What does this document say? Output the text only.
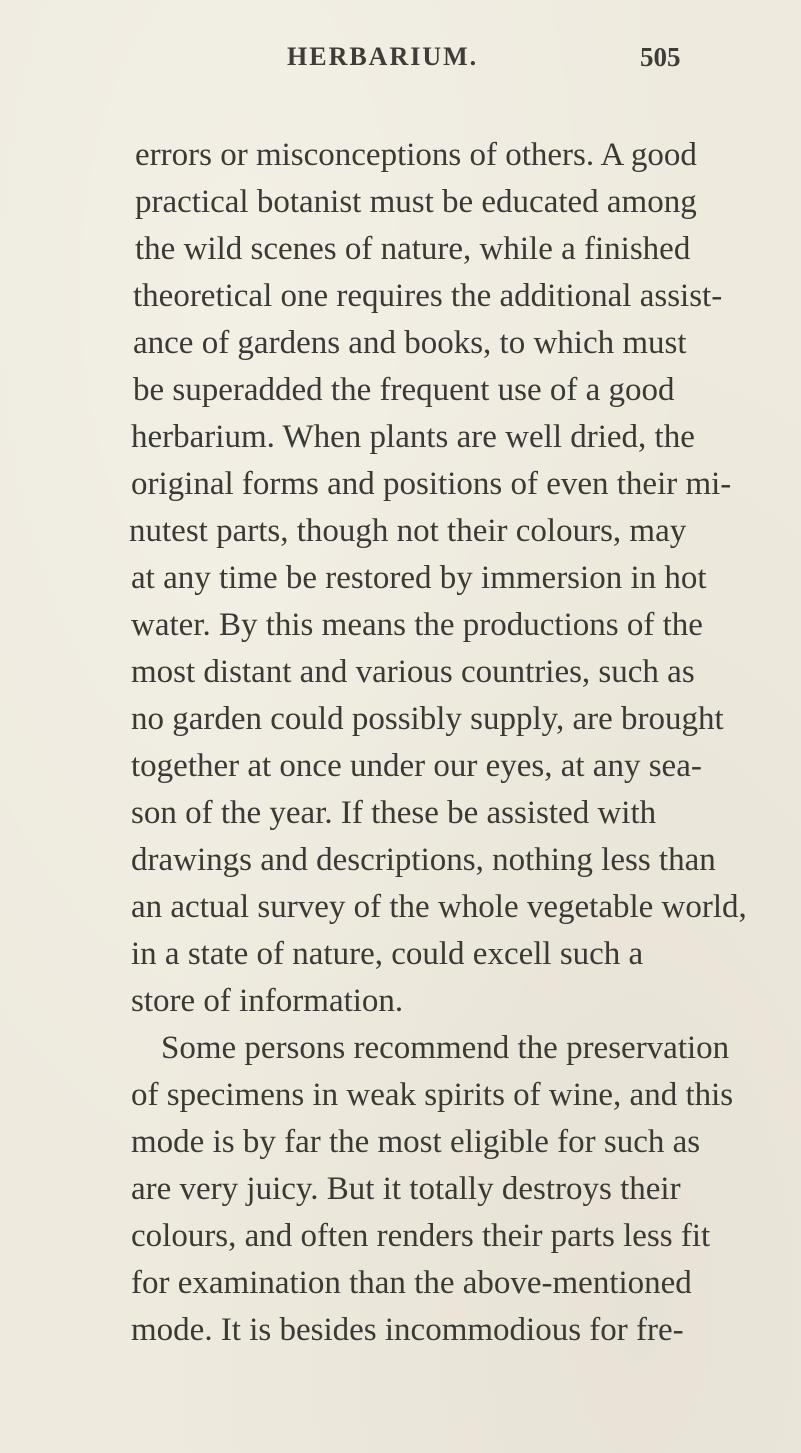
HERBARIUM.	505
errors or misconceptions of others. A good
practical botanist must be educated among
the wild scenes of nature, while a finished
theoretical one requires the additional assist-
ance of gardens and books, to which must
be superadded the frequent use of a good
herbarium. When plants are well dried, the
original forms and positions of even their mi-
nutest parts, though not their colours, may
at any time be restored by immersion in hot
water. By this means the productions of the
most distant and various countries, such as
no garden could possibly supply, are brought
together at once under our eyes, at any sea-
son of the year. If these be assisted with
drawings and descriptions, nothing less than
an actual survey of the whole vegetable world,
in a state of nature, could excell such a
store of information.
Some persons recommend the preservation
of specimens in weak spirits of wine, and this
mode is by far the most eligible for such as
are very juicy. But it totally destroys their
colours, and often renders their parts less fit
for examination than the above-mentioned
mode. It is besides incommodious for fre-
